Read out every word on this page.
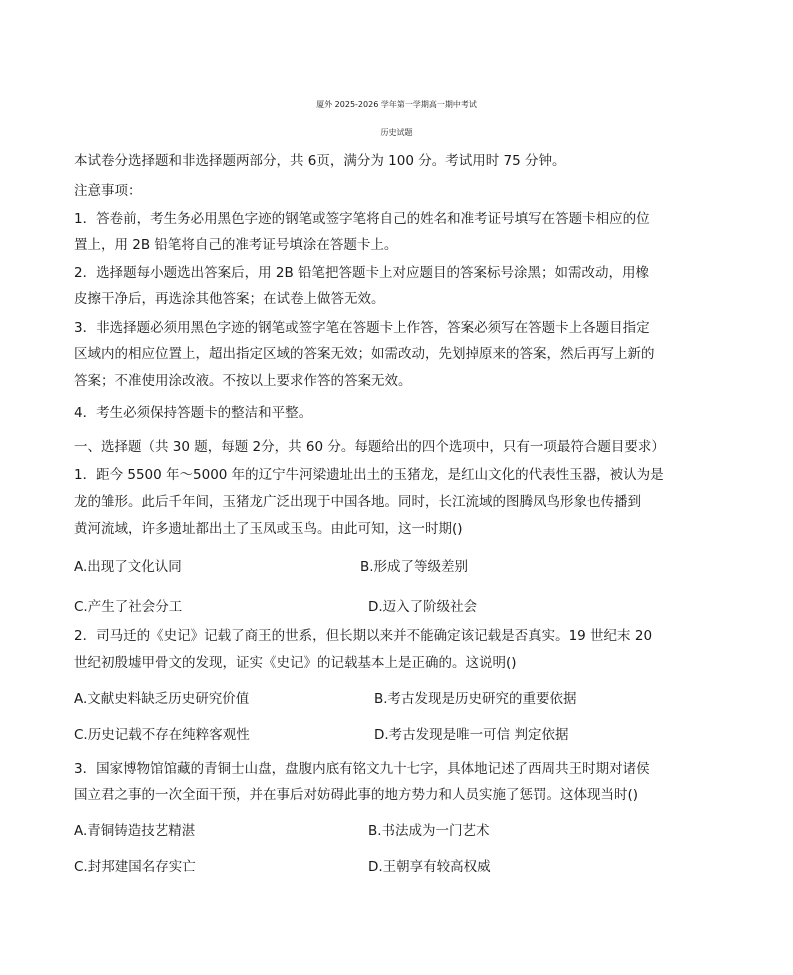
厦外 2025-2026 学年第一学期高一期中考试
历史试题
本试卷分选择题和非选择题两部分，共 6页，满分为 100 分。考试用时 75 分钟。
注意事项：
1．答卷前，考生务必用黑色字迹的钢笔或签字笔将自己的姓名和准考证号填写在答题卡相应的位
置上，用 2B 铅笔将自己的准考证号填涂在答题卡上。
2．选择题每小题选出答案后，用 2B 铅笔把答题卡上对应题目的答案标号涂黑；如需改动，用橡
皮擦干净后，再选涂其他答案；在试卷上做答无效。
3．非选择题必须用黑色字迹的钢笔或签字笔在答题卡上作答，答案必须写在答题卡上各题目指定
区域内的相应位置上，超出指定区域的答案无效；如需改动，先划掉原来的答案，然后再写上新的
答案；不准使用涂改液。不按以上要求作答的答案无效。
4．考生必须保持答题卡的整洁和平整。
一、选择题（共 30 题，每题 2分，共 60 分。每题给出的四个选项中，只有一项最符合题目要求）
1．距今 5500 年～5000 年的辽宁牛河梁遗址出土的玉猪龙，是红山文化的代表性玉器，被认为是
龙的雏形。此后千年间，玉猪龙广泛出现于中国各地。同时，长江流域的图腾凤鸟形象也传播到
黄河流域，许多遗址都出土了玉凤或玉鸟。由此可知，这一时期()
A.出现了文化认同	B.形成了等级差别
C.产生了社会分工	D.迈入了阶级社会
2．司马迁的《史记》记载了商王的世系，但长期以来并不能确定该记载是否真实。19 世纪末 20
世纪初殷墟甲骨文的发现，证实《史记》的记载基本上是正确的。这说明()
A.文献史料缺乏历史研究价值	B.考古发现是历史研究的重要依据
C.历史记载不存在纯粹客观性	D.考古发现是唯一可信 判定依据
3．国家博物馆馆藏的青铜士山盘，盘腹内底有铭文九十七字，具体地记述了西周共王时期对诸侯
国立君之事的一次全面干预，并在事后对妨碍此事的地方势力和人员实施了惩罚。这体现当时()
A.青铜铸造技艺精湛	B.书法成为一门艺术
C.封邦建国名存实亡	D.王朝享有较高权威
